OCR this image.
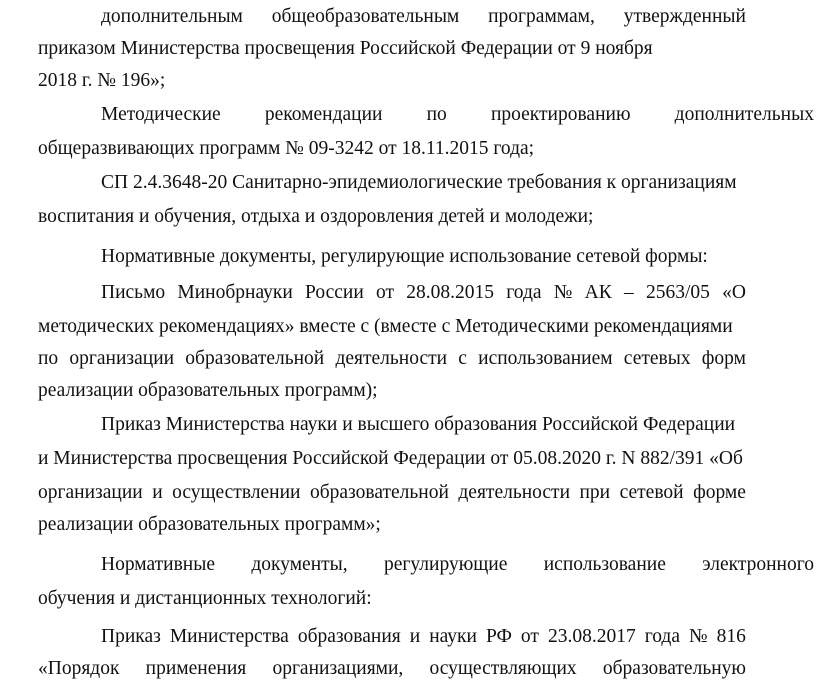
дополнительным общеобразовательным программам, утвержденный
приказом Министерства просвещения Российской Федерации от 9 ноября
2018 г. № 196»;
Методические рекомендации по проектированию дополнительных
общеразвивающих программ № 09-3242 от 18.11.2015 года;
СП 2.4.3648-20 Санитарно-эпидемиологические требования к организациям
воспитания и обучения, отдыха и оздоровления детей и молодежи;
Нормативные документы, регулирующие использование сетевой формы:
Письмо Минобрнауки России от 28.08.2015 года № АК – 2563/05 «О
методических рекомендациях» вместе с (вместе с Методическими рекомендациями
по организации образовательной деятельности с использованием сетевых форм
реализации образовательных программ);
Приказ Министерства науки и высшего образования Российской Федерации
и Министерства просвещения Российской Федерации от 05.08.2020 г. N 882/391 «Об
организации и осуществлении образовательной деятельности при сетевой форме
реализации образовательных программ»;
Нормативные документы, регулирующие использование электронного
обучения и дистанционных технологий:
Приказ Министерства образования и науки РФ от 23.08.2017 года № 816
«Порядок применения организациями, осуществляющих образовательную
